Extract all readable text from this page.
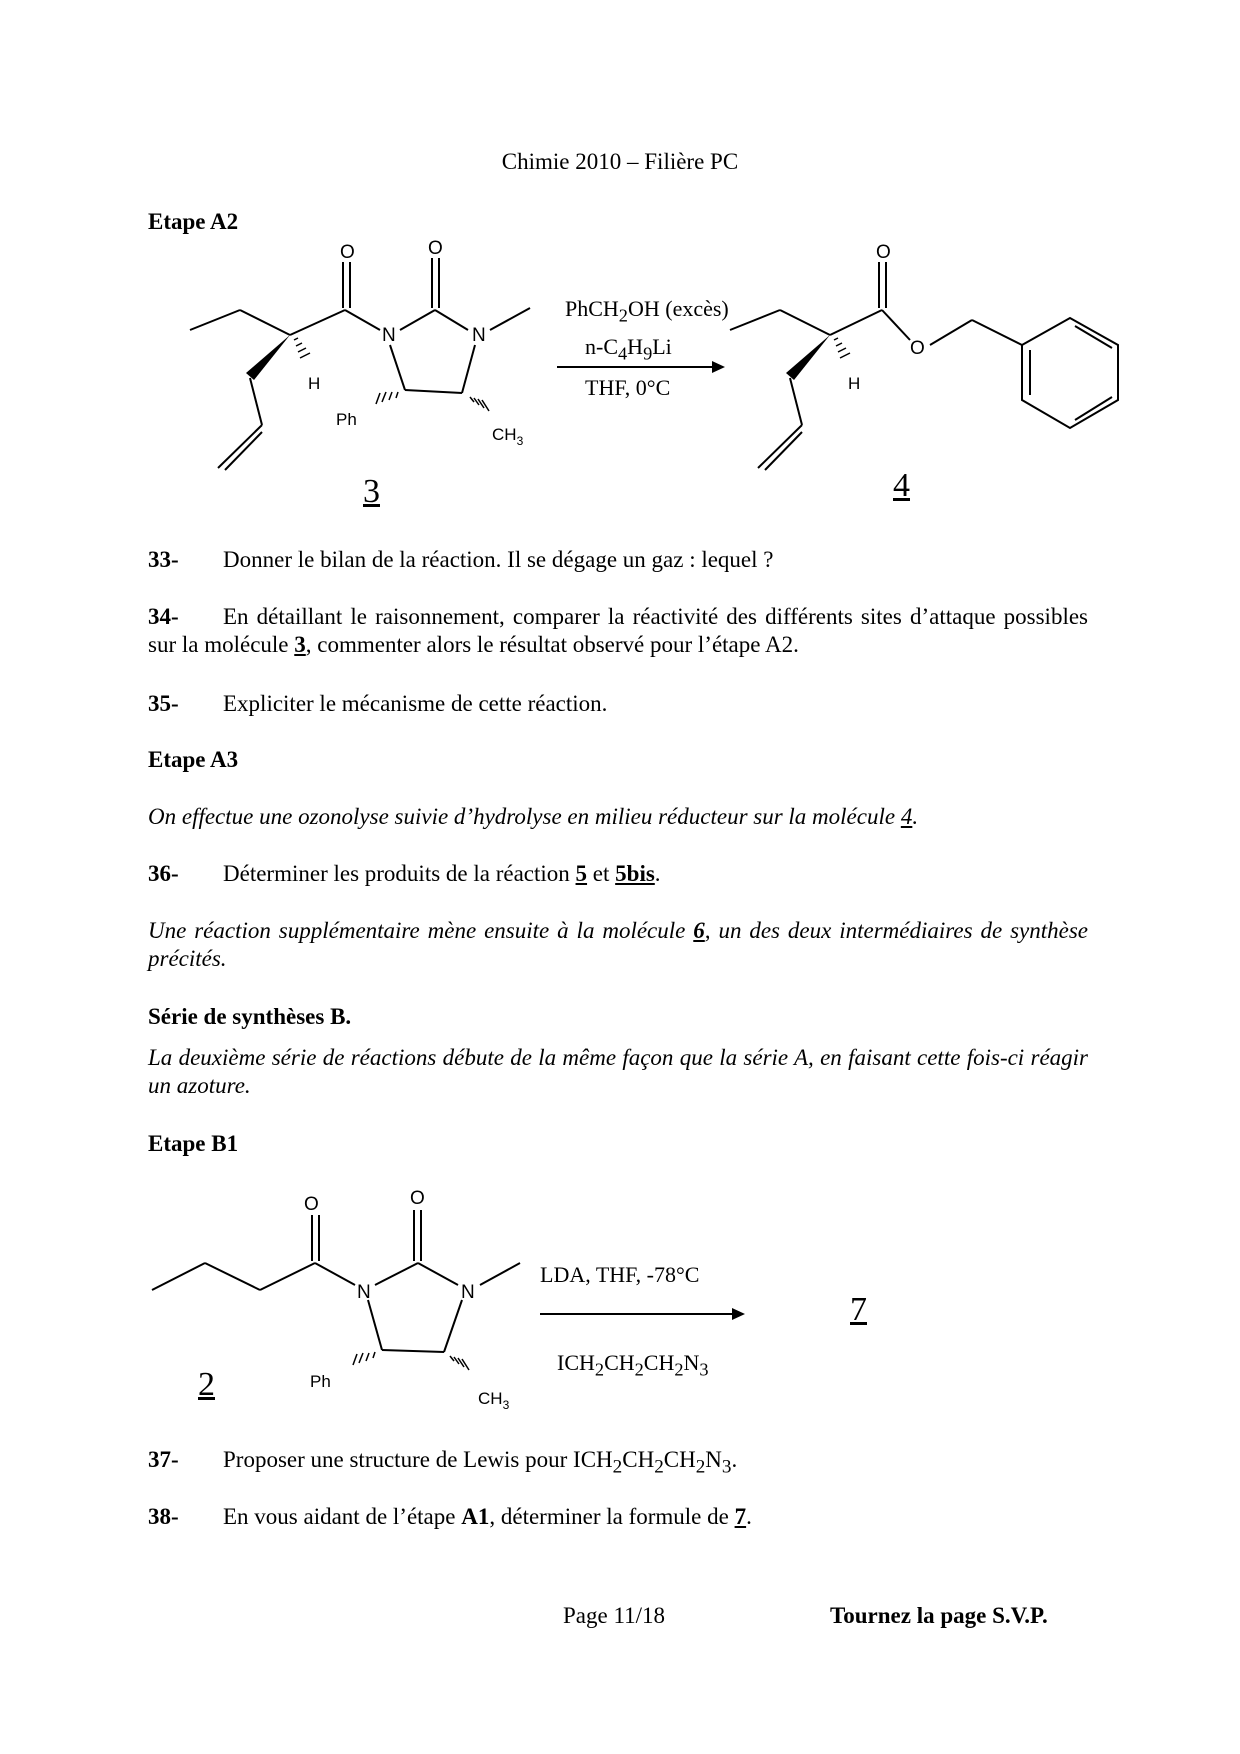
Chimie 2010 – Filière PC
Etape A2
O	O
N	N
H
Ph
$CH_3$
O
O
H
PhCH$_2$OH (excès)
$n-C_4H_9Li$
THF, 0°C
3	4
33- Donner le bilan de la réaction. Il se dégage un gaz : lequel ?
34- En détaillant le raisonnement, comparer la réactivité des différents sites d’attaque possibles sur la molécule 3, commenter alors le résultat observé pour l’étape A2.
35- Expliciter le mécanisme de cette réaction.
Etape A3
On effectue une ozonolyse suivie d’hydrolyse en milieu réducteur sur la molécule 4.
36- Déterminer les produits de la réaction 5 et 5bis.
Une réaction supplémentaire mène ensuite à la molécule 6, un des deux intermédiaires de synthèse précités.
Série de synthèses B.
La deuxième série de réactions débute de la même façon que la série A, en faisant cette fois-ci réagir un azoture.
Etape B1
O	O
N	N
Ph
$CH_3$
LDA, THF, -78°C
$ICH_2CH_2CH_2N_3$
2
7
37- Proposer une structure de Lewis pour $ICH_2CH_2CH_2N_3$.
38- En vous aidant de l’étape A1, déterminer la formule de 7.
Page 11/18	Tournez la page S.V.P.
